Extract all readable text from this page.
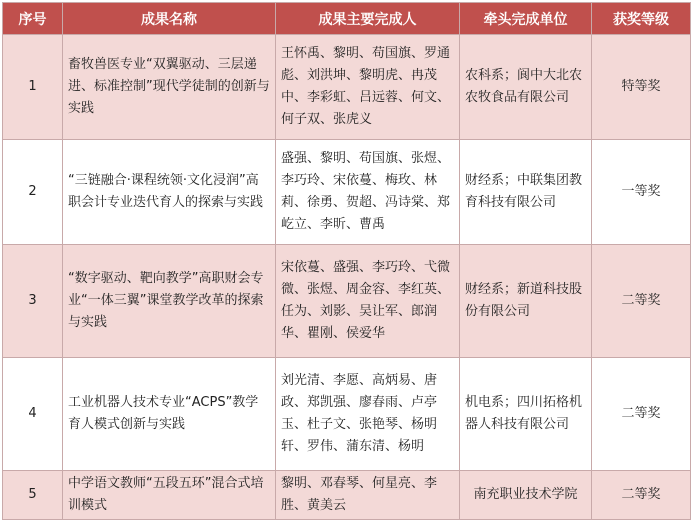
序号	成果名称	成果主要完成人	牵头完成单位	获奖等级
1	畜牧兽医专业“双翼驱动、三层递进、标准控制”现代学徒制的创新与实践	王怀禹、黎明、苟国旗、罗通彪、刘洪坤、黎明虎、冉茂中、李彩虹、吕远蓉、何文、何子双、张虎义	农科系；阆中大北农农牧食品有限公司	特等奖
2	“三链融合·课程统领·文化浸润”高职会计专业迭代育人的探索与实践	盛强、黎明、苟国旗、张煜、李巧玲、宋依蔓、梅玫、林莉、徐勇、贺超、冯诗棠、郑屹立、李昕、曹禹	财经系；中联集团教育科技有限公司	一等奖
3	“数字驱动、靶向教学”高职财会专业“一体三翼”课堂教学改革的探索与实践	宋依蔓、盛强、李巧玲、弋微微、张煜、周金容、李红英、任为、刘影、吴让军、郎润华、瞿刚、侯爱华	财经系；新道科技股份有限公司	二等奖
4	工业机器人技术专业“ACPS”教学育人模式创新与实践	刘光清、李愿、高炳易、唐政、郑凯强、廖春雨、卢亭玉、杜子文、张艳琴、杨明轩、罗伟、蒲东清、杨明	机电系；四川拓格机器人科技有限公司	二等奖
5	中学语文教师“五段五环”混合式培训模式	黎明、邓春琴、何星亮、李胜、黄美云	南充职业技术学院	二等奖
